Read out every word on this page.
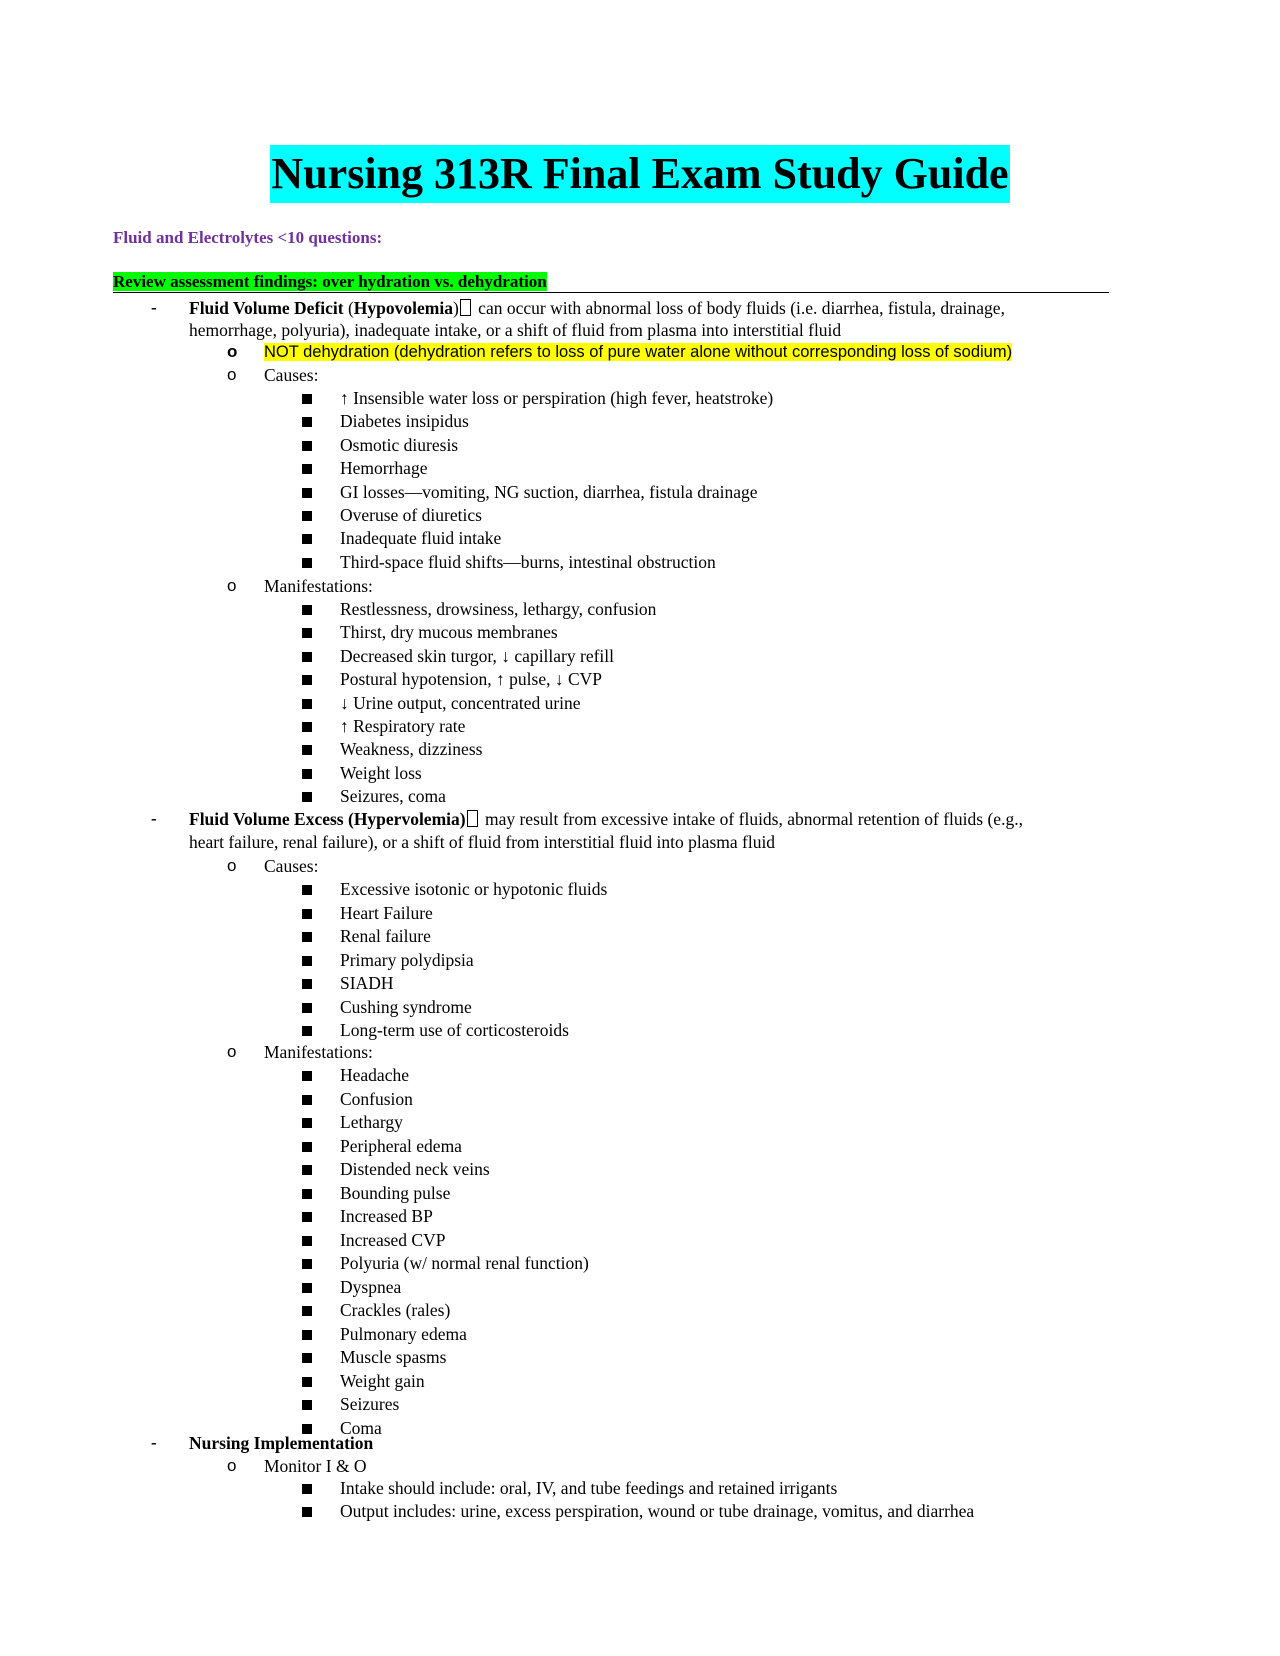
Nursing 313R Final Exam Study Guide
Fluid and Electrolytes <10 questions:
Review assessment findings: over hydration vs. dehydration
- Fluid Volume Deficit (Hypovolemia) can occur with abnormal loss of body fluids (i.e. diarrhea, fistula, drainage,
hemorrhage, polyuria), inadequate intake, or a shift of fluid from plasma into interstitial fluid
o NOT dehydration (dehydration refers to loss of pure water alone without corresponding loss of sodium)
o Causes:
↑ Insensible water loss or perspiration (high fever, heatstroke)
Diabetes insipidus
Osmotic diuresis
Hemorrhage
GI losses—vomiting, NG suction, diarrhea, fistula drainage
Overuse of diuretics
Inadequate fluid intake
Third-space fluid shifts—burns, intestinal obstruction
o Manifestations:
Restlessness, drowsiness, lethargy, confusion
Thirst, dry mucous membranes
Decreased skin turgor, ↓ capillary refill
Postural hypotension, ↑ pulse, ↓ CVP
↓ Urine output, concentrated urine
↑ Respiratory rate
Weakness, dizziness
Weight loss
Seizures, coma
- Fluid Volume Excess (Hypervolemia) may result from excessive intake of fluids, abnormal retention of fluids (e.g.,
heart failure, renal failure), or a shift of fluid from interstitial fluid into plasma fluid
o Causes:
Excessive isotonic or hypotonic fluids
Heart Failure
Renal failure
Primary polydipsia
SIADH
Cushing syndrome
Long-term use of corticosteroids
o Manifestations:
Headache
Confusion
Lethargy
Peripheral edema
Distended neck veins
Bounding pulse
Increased BP
Increased CVP
Polyuria (w/ normal renal function)
Dyspnea
Crackles (rales)
Pulmonary edema
Muscle spasms
Weight gain
Seizures
Coma
- Nursing Implementation
o Monitor I & O
Intake should include: oral, IV, and tube feedings and retained irrigants
Output includes: urine, excess perspiration, wound or tube drainage, vomitus, and diarrhea
